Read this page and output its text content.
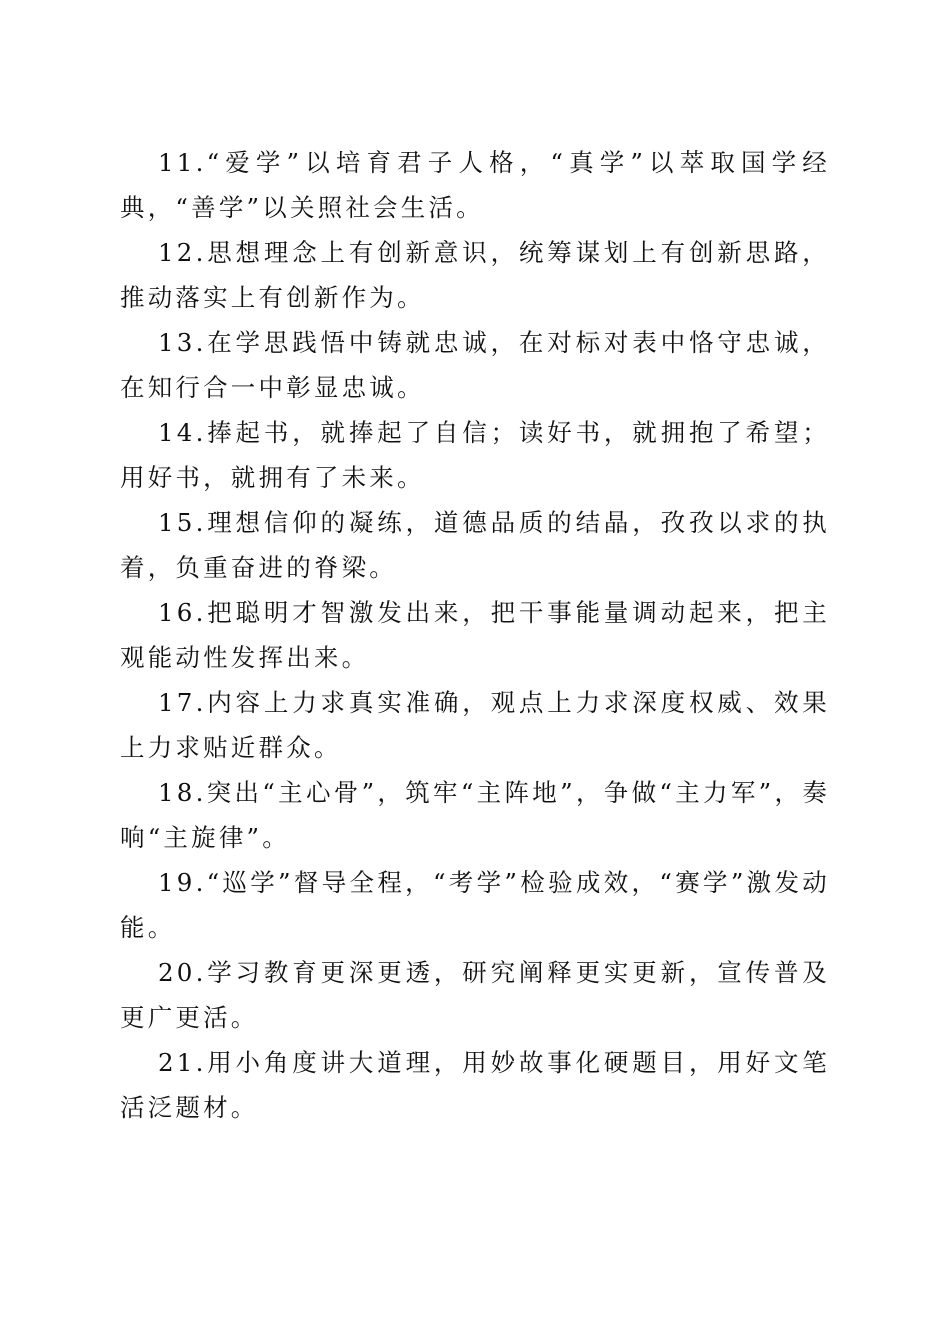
11.“爱学”以培育君子人格，“真学”以萃取国学经典，“善学”以关照社会生活。

12.思想理念上有创新意识，统筹谋划上有创新思路，推动落实上有创新作为。

13.在学思践悟中铸就忠诚，在对标对表中恪守忠诚，在知行合一中彰显忠诚。

14.捧起书，就捧起了自信；读好书，就拥抱了希望；用好书，就拥有了未来。

15.理想信仰的凝练，道德品质的结晶，孜孜以求的执着，负重奋进的脊梁。

16.把聪明才智激发出来，把干事能量调动起来，把主观能动性发挥出来。

17.内容上力求真实准确，观点上力求深度权威、效果上力求贴近群众。

18.突出“主心骨”，筑牢“主阵地”，争做“主力军”，奏响“主旋律”。

19.“巡学”督导全程，“考学”检验成效，“赛学”激发动能。

20.学习教育更深更透，研究阐释更实更新，宣传普及更广更活。

21.用小角度讲大道理，用妙故事化硬题目，用好文笔活泛题材。
